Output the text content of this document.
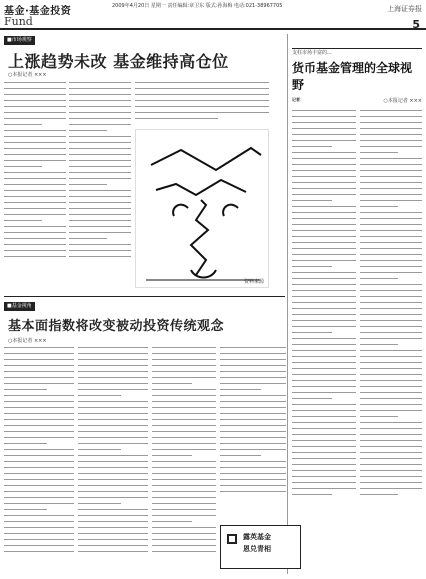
基金·基金投资
Fund
2009年4月20日 星期一 责任编辑:章卫东 版式:孙海梅 电话:021-38967705	上海证券报
5
■市场观察
上涨趋势未改 基金维持高仓位
○本报记者 ×××
资料来源
支柱市场丰富的...
货币基金管理的全球视野
○本报记者 ×××
记者：
■基金视角
基本面指数将改变被动投资传统观念
○本报记者 ×××
露英基金
恩兑青相
